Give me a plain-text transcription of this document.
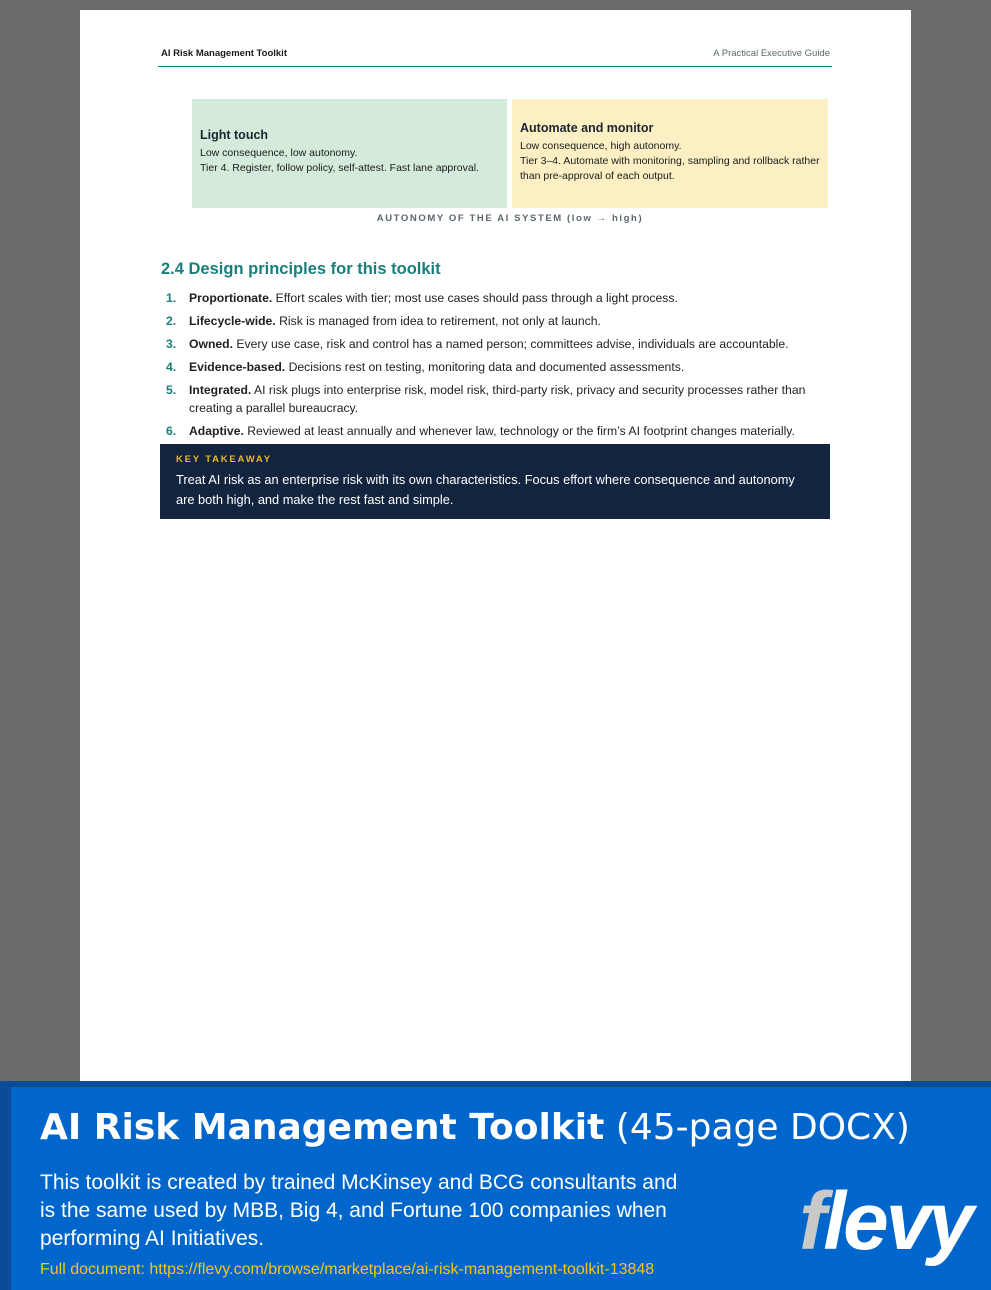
AI Risk Management Toolkit	A Practical Executive Guide
Light touch
Low consequence, low autonomy.
Tier 4. Register, follow policy, self-attest. Fast lane approval.
Automate and monitor
Low consequence, high autonomy.
Tier 3–4. Automate with monitoring, sampling and rollback rather than pre-approval of each output.
AUTONOMY OF THE AI SYSTEM (low → high)
2.4 Design principles for this toolkit
1. Proportionate. Effort scales with tier; most use cases should pass through a light process.
2. Lifecycle-wide. Risk is managed from idea to retirement, not only at launch.
3. Owned. Every use case, risk and control has a named person; committees advise, individuals are accountable.
4. Evidence-based. Decisions rest on testing, monitoring data and documented assessments.
5. Integrated. AI risk plugs into enterprise risk, model risk, third-party risk, privacy and security processes rather than creating a parallel bureaucracy.
6. Adaptive. Reviewed at least annually and whenever law, technology or the firm’s AI footprint changes materially.
KEY TAKEAWAY
Treat AI risk as an enterprise risk with its own characteristics. Focus effort where consequence and autonomy are both high, and make the rest fast and simple.
AI Risk Management Toolkit (45-page DOCX)
This toolkit is created by trained McKinsey and BCG consultants and is the same used by MBB, Big 4, and Fortune 100 companies when performing AI Initiatives.
Full document: https://flevy.com/browse/marketplace/ai-risk-management-toolkit-13848
flevy
